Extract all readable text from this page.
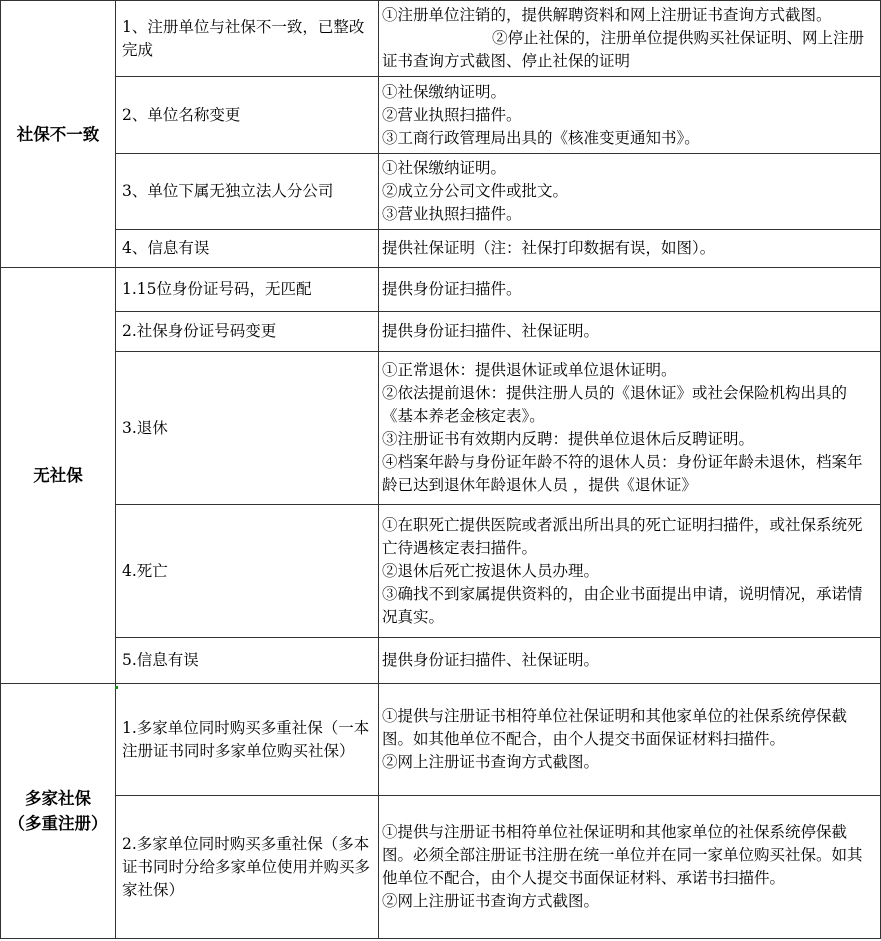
社保不一致	1、注册单位与社保不一致，已整改完成	①注册单位注销的，提供解聘资料和网上注册证书查询方式截图。②停止社保的，注册单位提供购买社保证明、网上注册证书查询方式截图、停止社保的证明
	2、单位名称变更	①社保缴纳证明。
②营业执照扫描件。
③工商行政管理局出具的《核准变更通知书》。

	3、单位下属无独立法人分公司	①社保缴纳证明。
②成立分公司文件或批文。
③营业执照扫描件。

	4、信息有误	提供社保证明（注：社保打印数据有误，如图）。
无社保	1.15位身份证号码，无匹配	提供身份证扫描件。
	2.社保身份证号码变更	提供身份证扫描件、社保证明。
	3.退休	①正常退休：提供退休证或单位退休证明。
②依法提前退休：提供注册人员的《退休证》或社会保险机构出具的《基本养老金核定表》。
③注册证书有效期内反聘：提供单位退休后反聘证明。
④档案年龄与身份证年龄不符的退休人员：身份证年龄未退休，档案年龄已达到退休年龄退休人员 ，提供《退休证》

	4.死亡	①在职死亡提供医院或者派出所出具的死亡证明扫描件，或社保系统死亡待遇核定表扫描件。
②退休后死亡按退休人员办理。
③确找不到家属提供资料的，由企业书面提出申请，说明情况，承诺情况真实。

	5.信息有误	提供身份证扫描件、社保证明。

多家社保
（多重注册）	1.多家单位同时购买多重社保（一本注册证书同时多家单位购买社保）	①提供与注册证书相符单位社保证明和其他家单位的社保系统停保截图。如其他单位不配合，由个人提交书面保证材料扫描件。
②网上注册证书查询方式截图。

	2.多家单位同时购买多重社保（多本证书同时分给多家单位使用并购买多家社保）	①提供与注册证书相符单位社保证明和其他家单位的社保系统停保截图。必须全部注册证书注册在统一单位并在同一家单位购买社保。如其他单位不配合，由个人提交书面保证材料、承诺书扫描件。
②网上注册证书查询方式截图。
